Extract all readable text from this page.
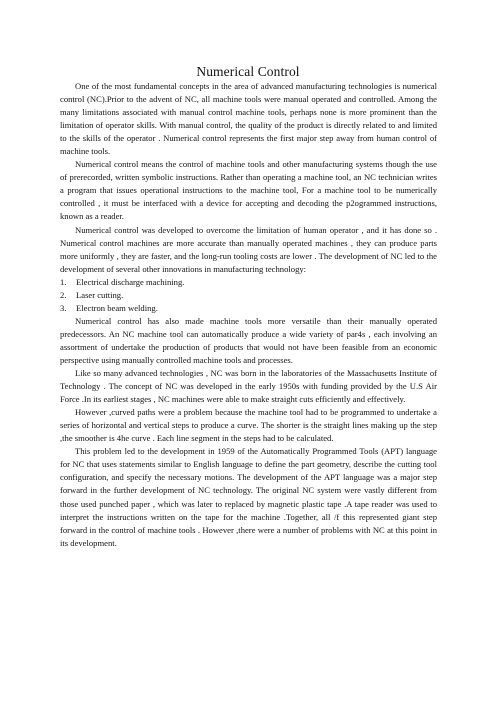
Numerical Control

One of the most fundamental concepts in the area of advanced manufacturing technologies is numerical control (NC).Prior to the advent of NC, all machine tools were manual operated and controlled. Among the many limitations associated with manual control machine tools, perhaps none is more prominent than the limitation of operator skills. With manual control, the quality of the product is directly related to and limited to the skills of the operator . Numerical control represents the first major step away from human control of machine tools.

Numerical control means the control of machine tools and other manufacturing systems though the use of prerecorded, written symbolic instructions. Rather than operating a machine tool, an NC technician writes a program that issues operational instructions to the machine tool, For a machine tool to be numerically controlled , it must be interfaced with a device for accepting and decoding the p2ogrammed instructions, known as a reader.

Numerical control was developed to overcome the limitation of human operator , and it has done so . Numerical control machines are more accurate than manually operated machines , they can produce parts more uniformly , they are faster, and the long-run tooling costs are lower . The development of NC led to the development of several other innovations in manufacturing technology:

1.	Electrical discharge machining.
2.	Laser cutting.
3.	Electron beam welding.

Numerical control has also made machine tools more versatile than their manually operated predecessors. An NC machine tool can automatically produce a wide variety of par4s , each involving an assortment of undertake the production of products that would not have been feasible from an economic perspective using manually controlled machine tools and processes.

Like so many advanced technologies , NC was born in the laboratories of the Massachusetts Institute of Technology . The concept of NC was developed in the early 1950s with funding provided by the U.S Air Force .In its earliest stages , NC machines were able to make straight cuts efficiently and effectively.

However ,curved paths were a problem because the machine tool had to be programmed to undertake a series of horizontal and vertical steps to produce a curve. The shorter is the straight lines making up the step ,the smoother is 4he curve . Each line segment in the steps had to be calculated.

This problem led to the development in 1959 of the Automatically Programmed Tools (APT) language for NC that uses statements similar to English language to define the part geometry, describe the cutting tool configuration, and specify the necessary motions. The development of the APT language was a major step forward in the further development of NC technology. The original NC system were vastly different from those used punched paper , which was later to replaced by magnetic plastic tape .A tape reader was used to interpret the instructions written on the tape for the machine .Together, all /f this represented giant step forward in the control of machine tools . However ,there were a number of problems with NC at this point in its development.
